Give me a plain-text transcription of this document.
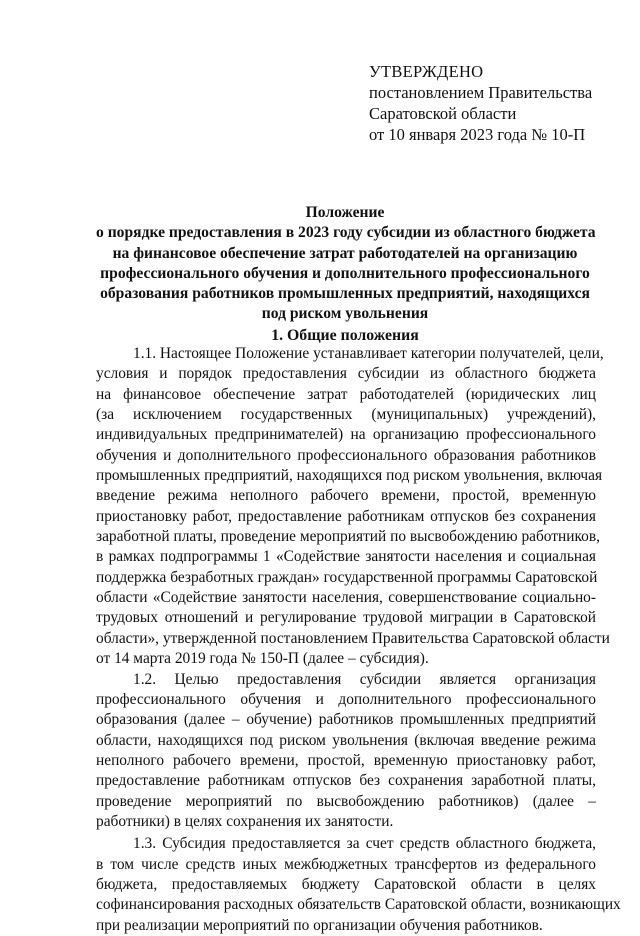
УТВЕРЖДЕНО
постановлением Правительства
Саратовской области
от 10 января 2023 года № 10-П
Положение
о порядке предоставления в 2023 году субсидии из областного бюджета
на финансовое обеспечение затрат работодателей на организацию
профессионального обучения и дополнительного профессионального
образования работников промышленных предприятий, находящихся
под риском увольнения
1. Общие положения
1.1. Настоящее Положение устанавливает категории получателей, цели,
условия и порядок предоставления субсидии из областного бюджета
на финансовое обеспечение затрат работодателей (юридических лиц
(за исключением государственных (муниципальных) учреждений),
индивидуальных предпринимателей) на организацию профессионального
обучения и дополнительного профессионального образования работников
промышленных предприятий, находящихся под риском увольнения, включая
введение режима неполного рабочего времени, простой, временную
приостановку работ, предоставление работникам отпусков без сохранения
заработной платы, проведение мероприятий по высвобождению работников,
в рамках подпрограммы 1 «Содействие занятости населения и социальная
поддержка безработных граждан» государственной программы Саратовской
области «Содействие занятости населения, совершенствование социально-
трудовых отношений и регулирование трудовой миграции в Саратовской
области», утвержденной постановлением Правительства Саратовской области
от 14 марта 2019 года № 150-П (далее – субсидия).
1.2. Целью предоставления субсидии является организация
профессионального обучения и дополнительного профессионального
образования (далее – обучение) работников промышленных предприятий
области, находящихся под риском увольнения (включая введение режима
неполного рабочего времени, простой, временную приостановку работ,
предоставление работникам отпусков без сохранения заработной платы,
проведение мероприятий по высвобождению работников) (далее –
работники) в целях сохранения их занятости.
1.3. Субсидия предоставляется за счет средств областного бюджета,
в том числе средств иных межбюджетных трансфертов из федерального
бюджета, предоставляемых бюджету Саратовской области в целях
софинансирования расходных обязательств Саратовской области, возникающих
при реализации мероприятий по организации обучения работников.
